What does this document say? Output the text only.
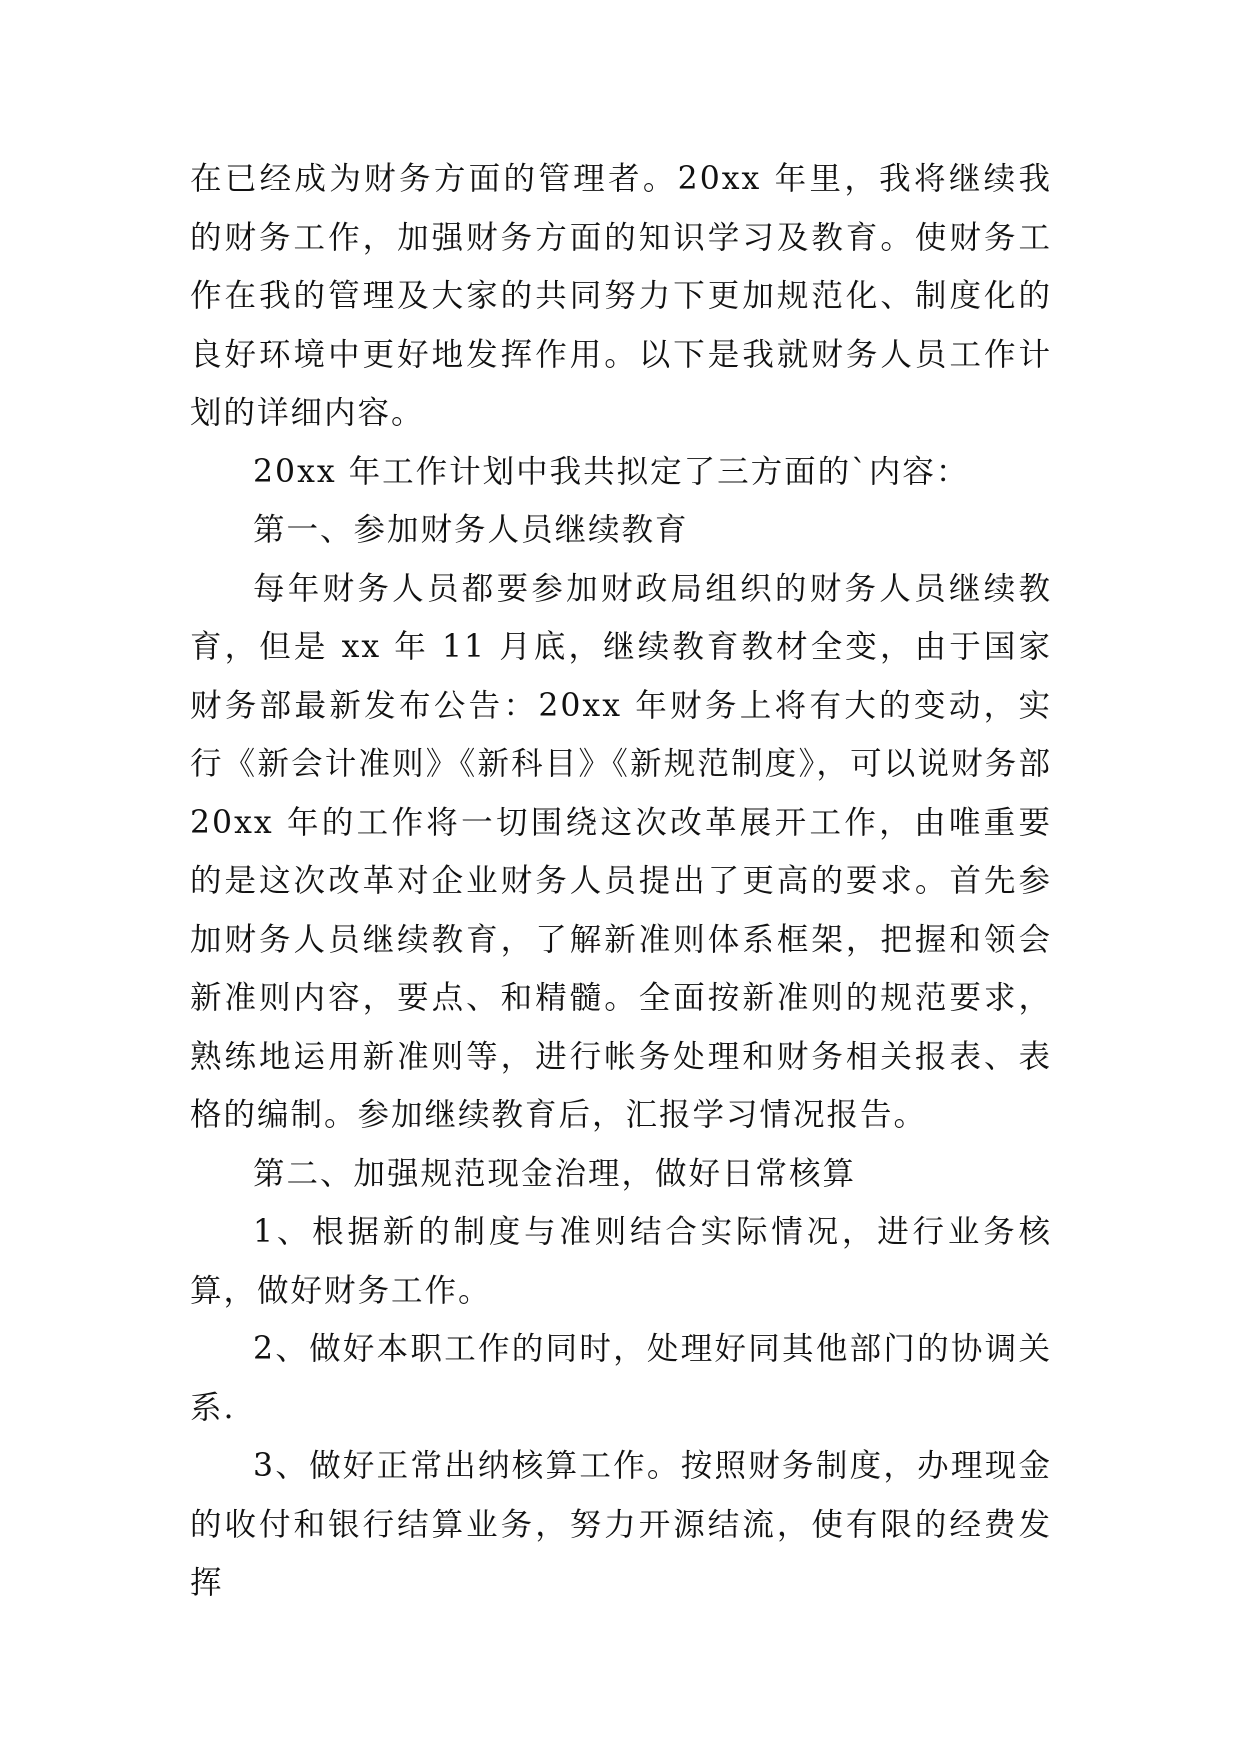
在已经成为财务方面的管理者。20xx 年里，我将继续我的财务工作，加强财务方面的知识学习及教育。使财务工作在我的管理及大家的共同努力下更加规范化、制度化的良好环境中更好地发挥作用。以下是我就财务人员工作计划的详细内容。

20xx 年工作计划中我共拟定了三方面的`内容：

第一、参加财务人员继续教育

每年财务人员都要参加财政局组织的财务人员继续教育，但是 xx 年 11 月底，继续教育教材全变，由于国家财务部最新发布公告：20xx 年财务上将有大的变动，实行《新会计准则》《新科目》《新规范制度》，可以说财务部 20xx 年的工作将一切围绕这次改革展开工作，由唯重要的是这次改革对企业财务人员提出了更高的要求。首先参加财务人员继续教育，了解新准则体系框架，把握和领会新准则内容，要点、和精髓。全面按新准则的规范要求，熟练地运用新准则等，进行帐务处理和财务相关报表、表格的编制。参加继续教育后，汇报学习情况报告。

第二、加强规范现金治理，做好日常核算

1、根据新的制度与准则结合实际情况，进行业务核算，做好财务工作。

2、做好本职工作的同时，处理好同其他部门的协调关系.

3、做好正常出纳核算工作。按照财务制度，办理现金的收付和银行结算业务，努力开源结流，使有限的经费发挥
